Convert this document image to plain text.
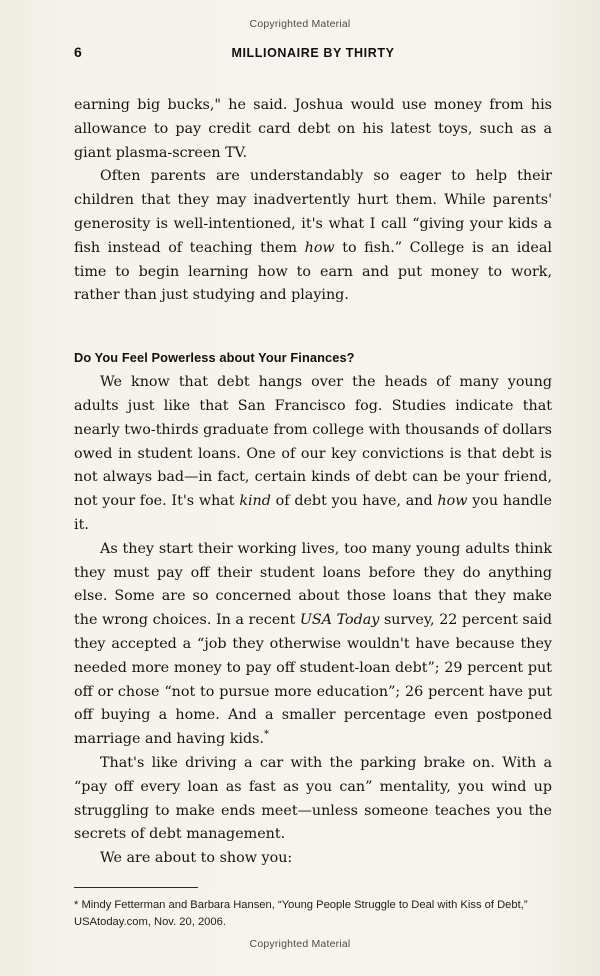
Copyrighted Material
6	MILLIONAIRE BY THIRTY

earning big bucks," he said. Joshua would use money from his allowance to pay credit card debt on his latest toys, such as a giant plasma-screen TV.

Often parents are understandably so eager to help their children that they may inadvertently hurt them. While parents' generosity is well-intentioned, it's what I call “giving your kids a fish instead of teaching them how to fish.” College is an ideal time to begin learning how to earn and put money to work, rather than just studying and playing.

Do You Feel Powerless about Your Finances?

We know that debt hangs over the heads of many young adults just like that San Francisco fog. Studies indicate that nearly two-thirds graduate from college with thousands of dollars owed in student loans. One of our key convictions is that debt is not always bad—in fact, certain kinds of debt can be your friend, not your foe. It's what kind of debt you have, and how you handle it.

As they start their working lives, too many young adults think they must pay off their student loans before they do anything else. Some are so concerned about those loans that they make the wrong choices. In a recent USA Today survey, 22 percent said they accepted a “job they otherwise wouldn't have because they needed more money to pay off student-loan debt”; 29 percent put off or chose “not to pursue more education”; 26 percent have put off buying a home. And a smaller percentage even postponed marriage and having kids.*

That's like driving a car with the parking brake on. With a “pay off every loan as fast as you can” mentality, you wind up struggling to make ends meet—unless someone teaches you the secrets of debt management.

We are about to show you:

* Mindy Fetterman and Barbara Hansen, “Young People Struggle to Deal with Kiss of Debt,” USAtoday.com, Nov. 20, 2006.

Copyrighted Material
